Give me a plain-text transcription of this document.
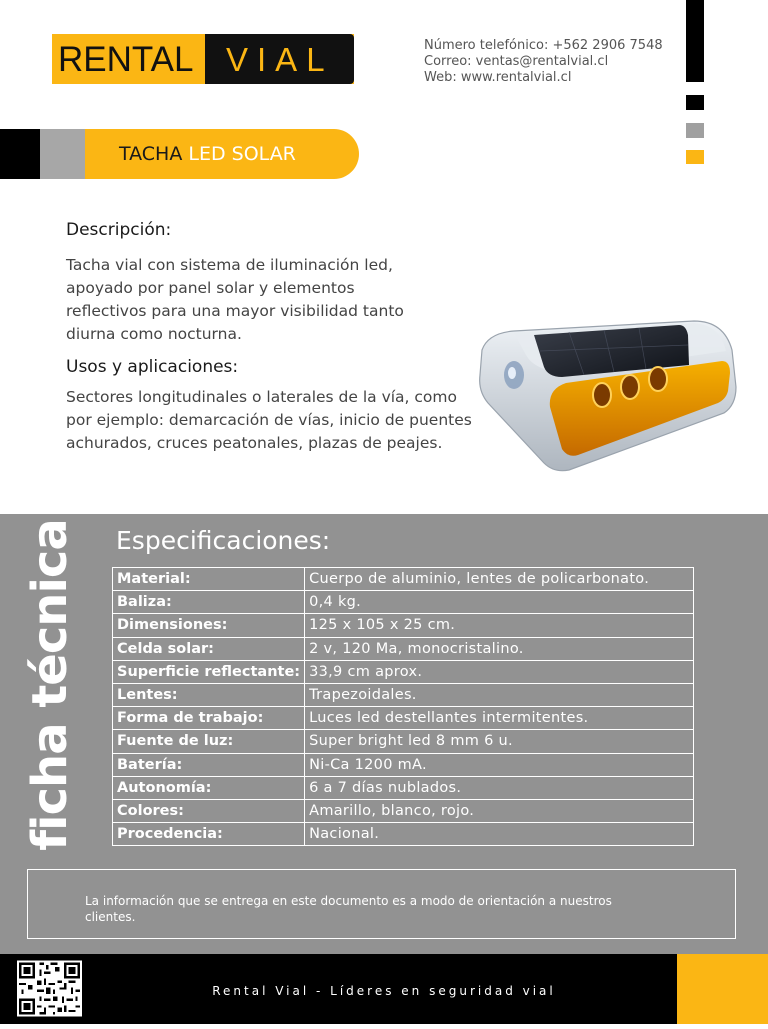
RENTAL VIAL	Número telefónico: +562 2906 7548
Correo: ventas@rentalvial.cl
Web: www.rentalvial.cl
TACHA LED SOLAR
Descripción:
Tacha vial con sistema de iluminación led, apoyado por panel solar y elementos reflectivos para una mayor visibilidad tanto diurna como nocturna.
Usos y aplicaciones:
Sectores longitudinales o laterales de la vía, como por ejemplo: demarcación de vías, inicio de puentes achurados, cruces peatonales, plazas de peajes.
ficha técnica Especificaciones:
Material:	Cuerpo de aluminio, lentes de policarbonato.
Baliza:	0,4 kg.
Dimensiones:	125 x 105 x 25 cm.
Celda solar:	2 v, 120 Ma, monocristalino.
Superficie reflectante:	33,9 cm aprox.
Lentes:	Trapezoidales.
Forma de trabajo:	Luces led destellantes intermitentes.
Fuente de luz:	Super bright led 8 mm 6 u.
Batería:	Ni-Ca 1200 mA.
Autonomía:	6 a 7 días nublados.
Colores:	Amarillo, blanco, rojo.
Procedencia:	Nacional.
La información que se entrega en este documento es a modo de orientación a nuestros clientes.
Rental Vial - Líderes en seguridad vial
